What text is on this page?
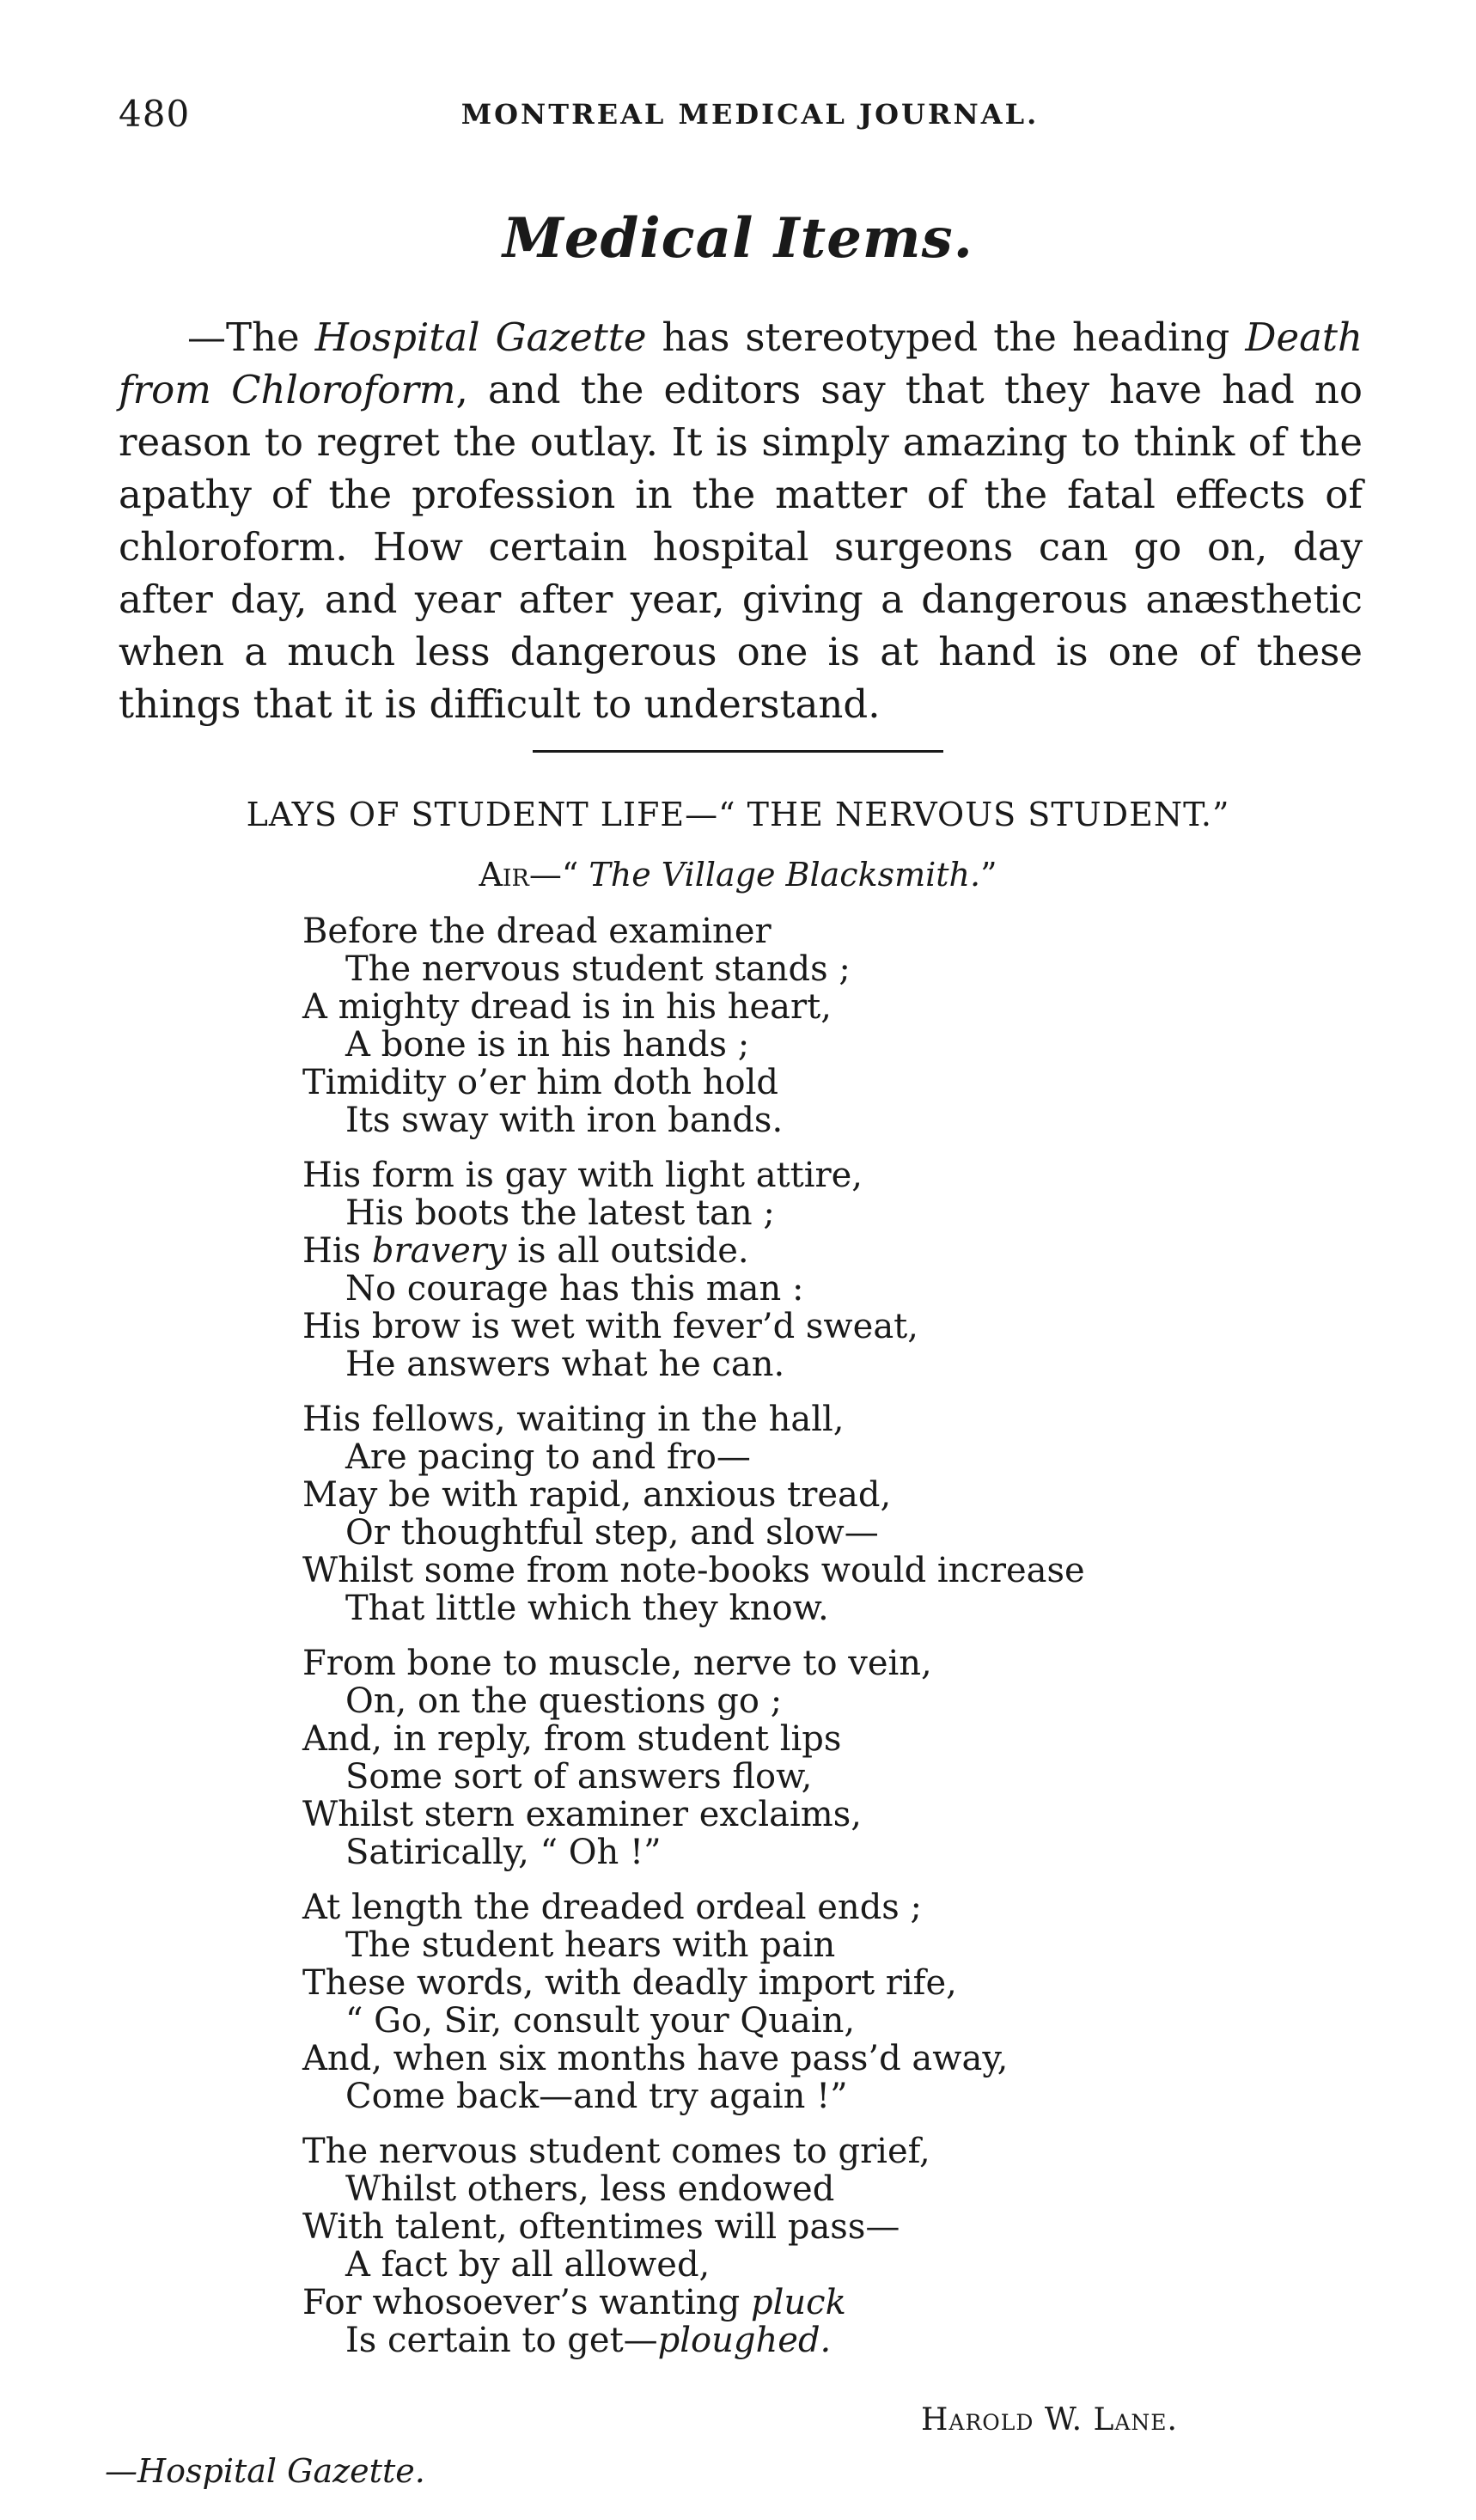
480	MONTREAL MEDICAL JOURNAL.
Medical Items.

—The Hospital Gazette has stereotyped the heading Death from Chloroform, and the editors say that they have had no reason to regret the outlay. It is simply amazing to think of the apathy of the profession in the matter of the fatal effects of chloroform. How certain hospital surgeons can go on, day after day, and year after year, giving a dangerous anæsthetic when a much less dangerous one is at hand is one of these things that it is difficult to understand.

LAYS OF STUDENT LIFE—“ THE NERVOUS STUDENT.”
Air—“ The Village Blacksmith.”
Before the dread examiner
The nervous student stands ;
A mighty dread is in his heart,
A bone is in his hands ;
Timidity o’er him doth hold
Its sway with iron bands.
His form is gay with light attire,
His boots the latest tan ;
His bravery is all outside.
No courage has this man :
His brow is wet with fever’d sweat,
He answers what he can.
His fellows, waiting in the hall,
Are pacing to and fro—
May be with rapid, anxious tread,
Or thoughtful step, and slow—
Whilst some from note-books would increase
That little which they know.
From bone to muscle, nerve to vein,
On, on the questions go ;
And, in reply, from student lips
Some sort of answers flow,
Whilst stern examiner exclaims,
Satirically, “ Oh !”
At length the dreaded ordeal ends ;
The student hears with pain
These words, with deadly import rife,
“ Go, Sir, consult your Quain,
And, when six months have pass’d away,
Come back—and try again !”
The nervous student comes to grief,
Whilst others, less endowed
With talent, oftentimes will pass—
A fact by all allowed,
For whosoever’s wanting pluck
Is certain to get—ploughed.
Harold W. Lane.
—Hospital Gazette.
